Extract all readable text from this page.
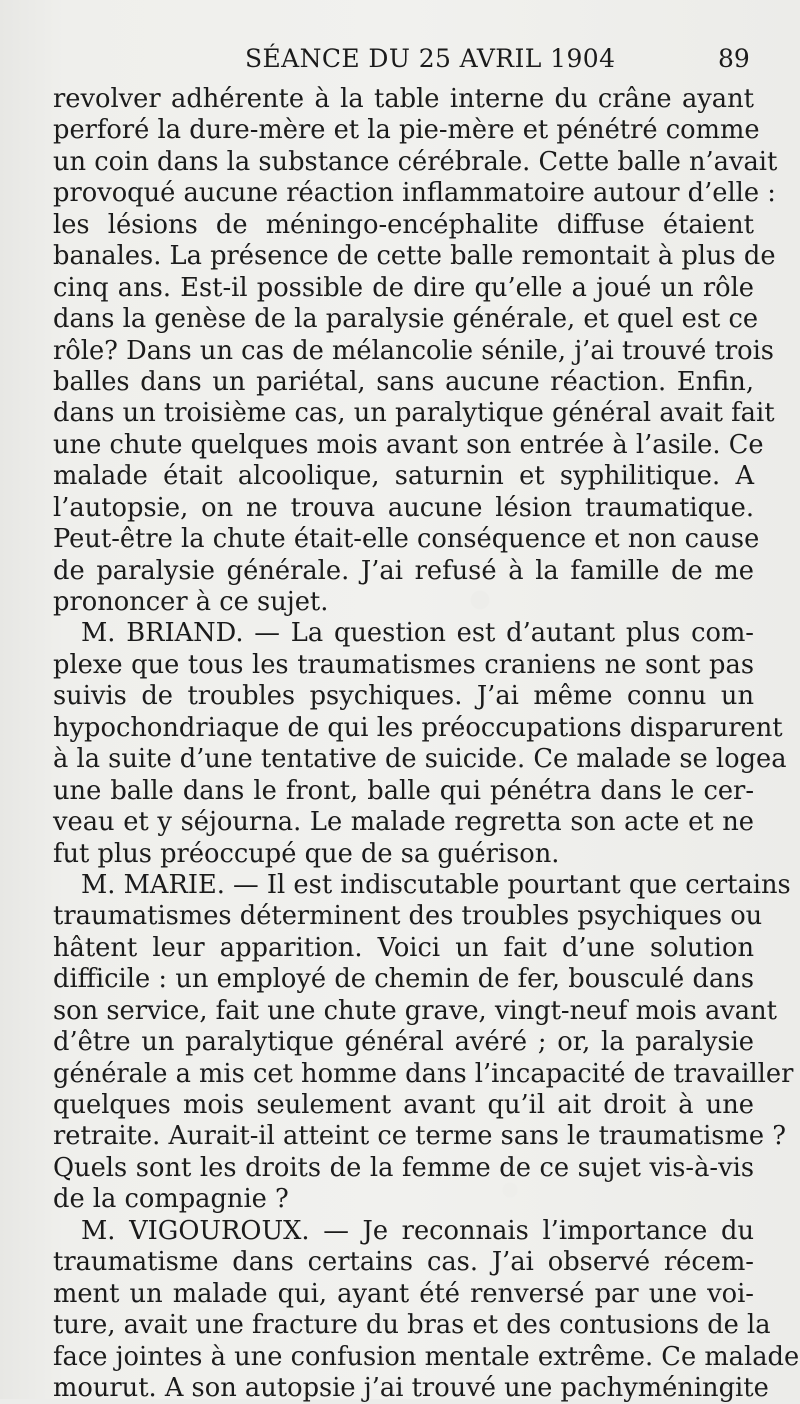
SÉANCE DU 25 AVRIL 1904	89
revolver adhérente à la table interne du crâne ayant
perforé la dure-mère et la pie-mère et pénétré comme
un coin dans la substance cérébrale. Cette balle n’avait
provoqué aucune réaction inflammatoire autour d’elle :
les lésions de méningo-encéphalite diffuse étaient
banales. La présence de cette balle remontait à plus de
cinq ans. Est-il possible de dire qu’elle a joué un rôle
dans la genèse de la paralysie générale, et quel est ce
rôle? Dans un cas de mélancolie sénile, j’ai trouvé trois
balles dans un pariétal, sans aucune réaction. Enfin,
dans un troisième cas, un paralytique général avait fait
une chute quelques mois avant son entrée à l’asile. Ce
malade était alcoolique, saturnin et syphilitique. A
l’autopsie, on ne trouva aucune lésion traumatique.
Peut-être la chute était-elle conséquence et non cause
de paralysie générale. J’ai refusé à la famille de me
prononcer à ce sujet.
M. BRIAND. — La question est d’autant plus com-
plexe que tous les traumatismes craniens ne sont pas
suivis de troubles psychiques. J’ai même connu un
hypochondriaque de qui les préoccupations disparurent
à la suite d’une tentative de suicide. Ce malade se logea
une balle dans le front, balle qui pénétra dans le cer-
veau et y séjourna. Le malade regretta son acte et ne
fut plus préoccupé que de sa guérison.
M. MARIE. — Il est indiscutable pourtant que certains
traumatismes déterminent des troubles psychiques ou
hâtent leur apparition. Voici un fait d’une solution
difficile : un employé de chemin de fer, bousculé dans
son service, fait une chute grave, vingt-neuf mois avant
d’être un paralytique général avéré ; or, la paralysie
générale a mis cet homme dans l’incapacité de travailler
quelques mois seulement avant qu’il ait droit à une
retraite. Aurait-il atteint ce terme sans le traumatisme ?
Quels sont les droits de la femme de ce sujet vis-à-vis
de la compagnie ?
M. VIGOUROUX. — Je reconnais l’importance du
traumatisme dans certains cas. J’ai observé récem-
ment un malade qui, ayant été renversé par une voi-
ture, avait une fracture du bras et des contusions de la
face jointes à une confusion mentale extrême. Ce malade
mourut. A son autopsie j’ai trouvé une pachyméningite
